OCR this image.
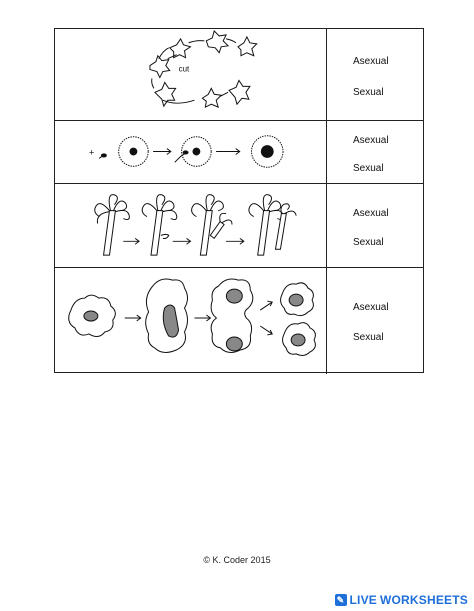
cut
Asexual
Sexual
+
Asexual
Sexual
Asexual
Sexual
Asexual
Sexual
© K. Coder 2015
✎ LIVE WORKSHEETS
